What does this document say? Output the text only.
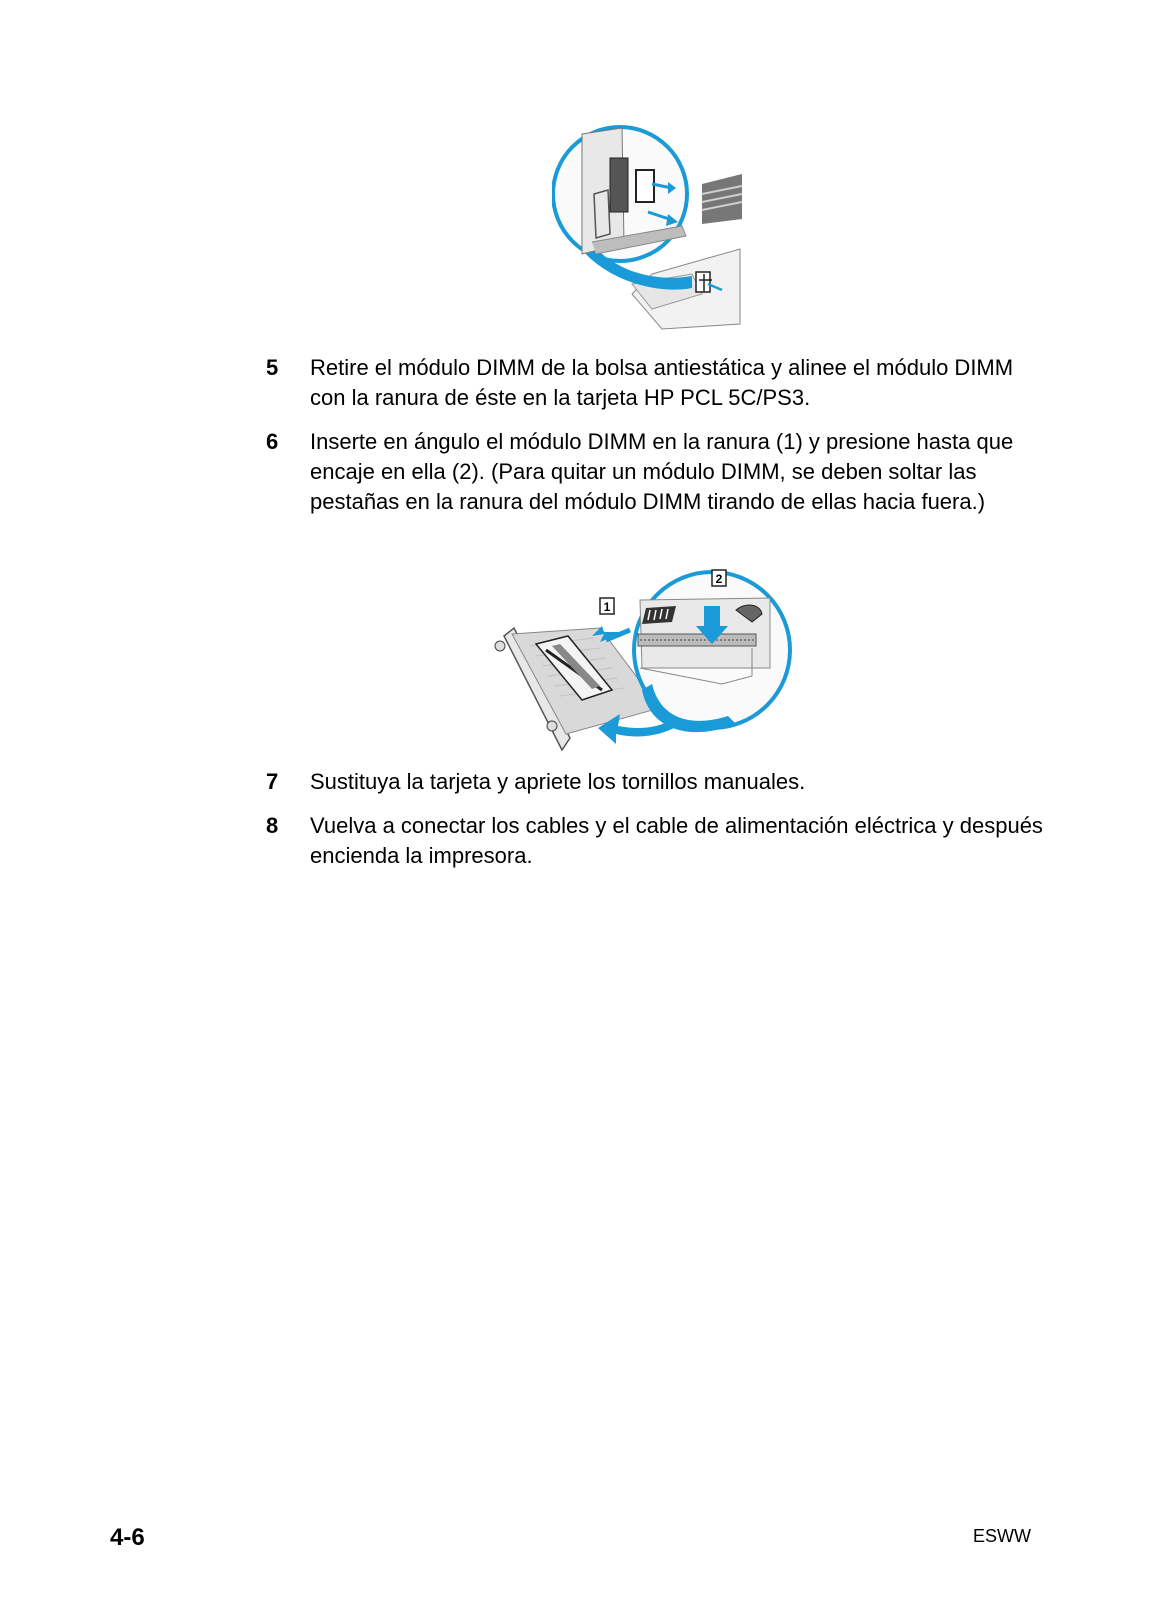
5 Retire el módulo DIMM de la bolsa antiestática y alinee el módulo DIMM con la ranura de éste en la tarjeta HP PCL 5C/PS3.
6 Inserte en ángulo el módulo DIMM en la ranura (1) y presione hasta que encaje en ella (2). (Para quitar un módulo DIMM, se deben soltar las pestañas en la ranura del módulo DIMM tirando de ellas hacia fuera.)
1
2
7 Sustituya la tarjeta y apriete los tornillos manuales.
8 Vuelva a conectar los cables y el cable de alimentación eléctrica y después encienda la impresora.
4-6	ESWW
